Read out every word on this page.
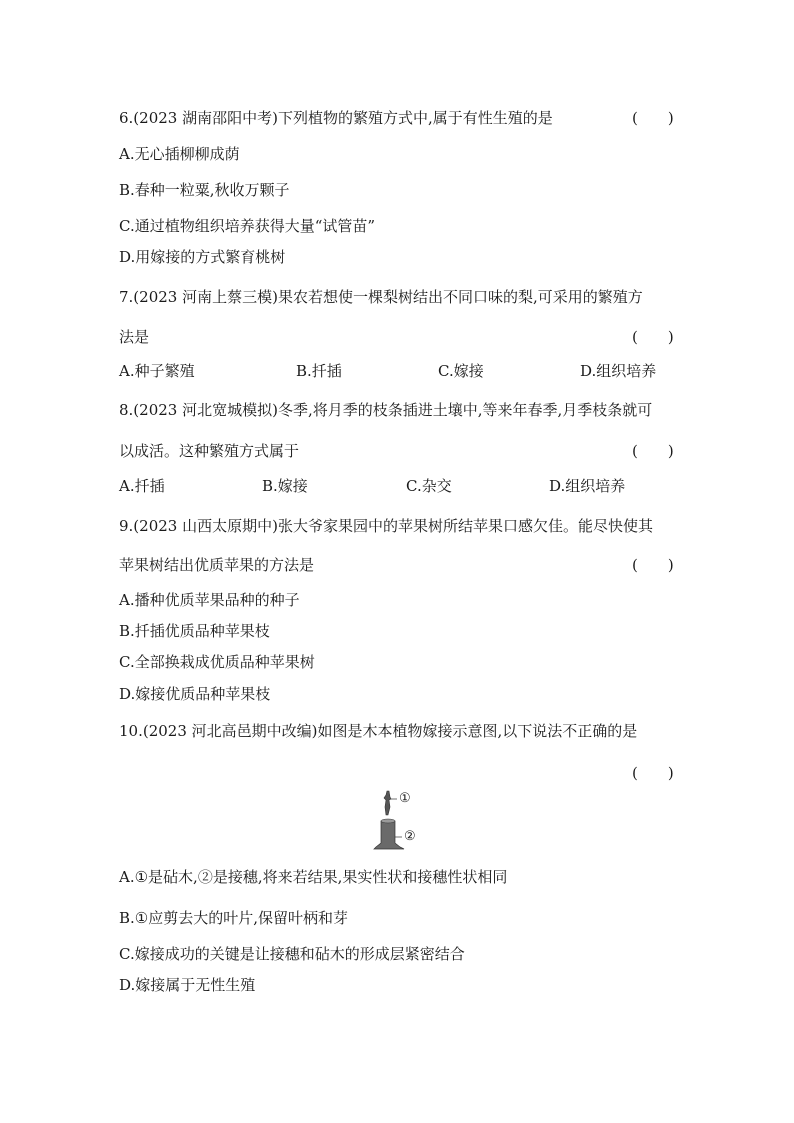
6.(2023 湖南邵阳中考)下列植物的繁殖方式中,属于有性生殖的是	(　　)
A.无心插柳柳成荫
B.春种一粒粟,秋收万颗子
C.通过植物组织培养获得大量“试管苗”
D.用嫁接的方式繁育桃树
7.(2023 河南上蔡三模)果农若想使一棵梨树结出不同口味的梨,可采用的繁殖方
法是	(　　)
A.种子繁殖	B.扦插	C.嫁接	D.组织培养
8.(2023 河北宽城模拟)冬季,将月季的枝条插进土壤中,等来年春季,月季枝条就可
以成活。这种繁殖方式属于	(　　)
A.扦插	B.嫁接	C.杂交	D.组织培养
9.(2023 山西太原期中)张大爷家果园中的苹果树所结苹果口感欠佳。能尽快使其
苹果树结出优质苹果的方法是	(　　)
A.播种优质苹果品种的种子
B.扦插优质品种苹果枝
C.全部换栽成优质品种苹果树
D.嫁接优质品种苹果枝
10.(2023 河北高邑期中改编)如图是木本植物嫁接示意图,以下说法不正确的是
(　　)
①
②
A.①是砧木,②是接穗,将来若结果,果实性状和接穗性状相同
B.①应剪去大的叶片,保留叶柄和芽
C.嫁接成功的关键是让接穗和砧木的形成层紧密结合
D.嫁接属于无性生殖
